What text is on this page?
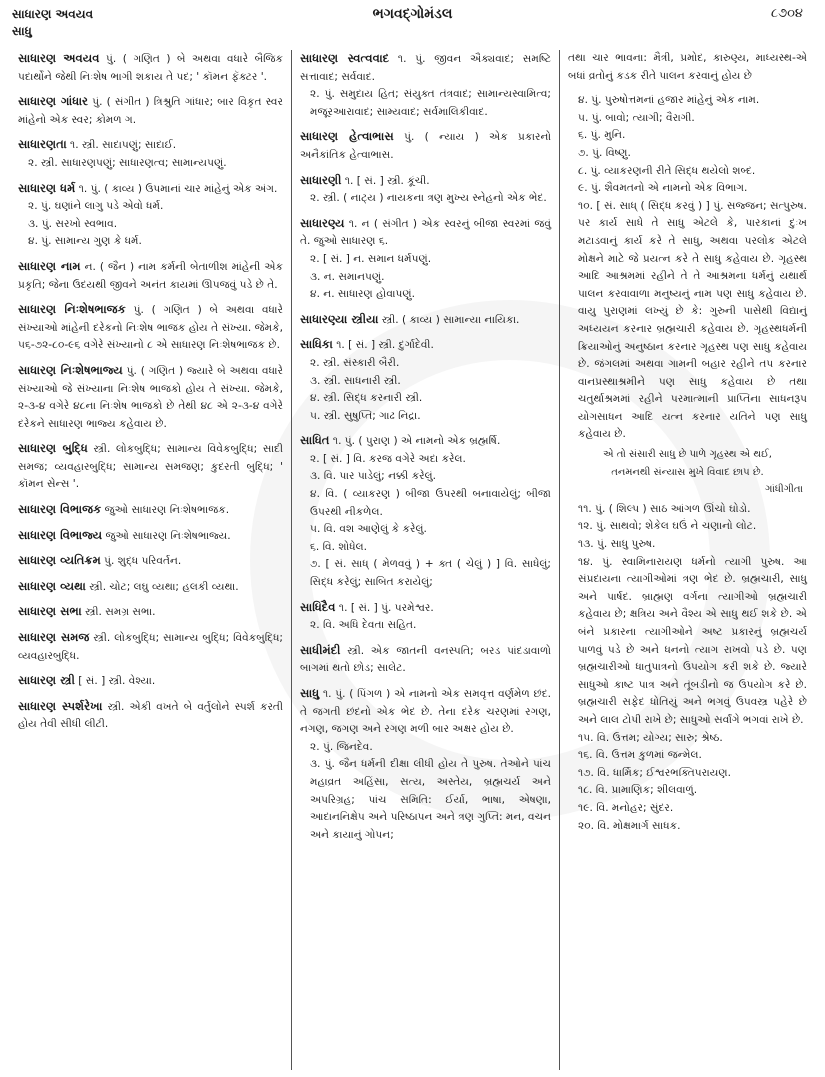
સાધારણ અવયવ
સાધુ
ભગવદ્ગોમંડલ	૮૭૦૪
સાધારણ અવયવ પું. ( ગણિત ) બે અથવા વધારે બૈજિક પદાર્થોને જેથી નિઃશેષ ભાગી શકાય તે પદ; ' કૉમન ફૅક્ટર '.
સાધારણ ગાંધાર પું. ( સંગીત ) ત્રિશ્રુતિ ગાંધાર; બાર વિકૃત સ્વર માંહેનો એક સ્વર; કોમળ ગ.
સાધારણતા ૧. સ્ત્રી. સાદાપણું; સાદાઈ.
૨. સ્ત્રી. સાધારણપણું; સાધારણત્વ; સામાન્યપણું.
સાધારણ ધર્મ ૧. પું. ( કાવ્ય ) ઉપમાનાં ચાર માંહેનું એક અંગ.
૨. પું. ઘણાંને લાગુ પડે એવો ધર્મ.
૩. પું. સરખો સ્વભાવ.
૪. પું. સામાન્ય ગુણ કે ધર્મ.
સાધારણ નામ ન. ( જૈન ) નામ કર્મની બેતાળીશ માંહેની એક પ્રકૃતિ; જેના ઉદયથી જીવને અનંત કાયમાં ઊપજવું પડે છે તે.
સાધારણ નિઃશેષભાજક પું. ( ગણિત ) બે અથવા વધારે સંખ્યાઓ માંહેની દરેકનો નિઃશેષ ભાજક હોય તે સંખ્યા. જેમકે, ૫૬-૭૨-૮૦-૯૬ વગેરે સંખ્યાનો ૮ એ સાધારણ નિઃશેષભાજક છે.
સાધારણ નિઃશેષભાજ્ય પું. ( ગણિત ) જ્યારે બે અથવા વધારે સંખ્યાઓ જે સંખ્યાના નિઃશેષ ભાજકો હોય તે સંખ્યા. જેમકે, ૨-૩-૪ વગેરે ૪૮ના નિઃશેષ ભાજકો છે તેથી ૪૮ એ ૨-૩-૪ વગેરે દરેકને સાધારણ ભાજ્ય કહેવાય છે.
સાધારણ બુદ્ધિ સ્ત્રી. લોકબુદ્ધિ; સામાન્ય વિવેકબુદ્ધિ; સાદી સમજ; વ્યવહારબુદ્ધિ; સામાન્ય સમજણ; કુદરતી બુદ્ધિ; ' કૉમન સેન્સ '.
સાધારણ વિભાજક જુઓ સાધારણ નિઃશેષભાજક.
સાધારણ વિભાજ્ય જુઓ સાધારણ નિઃશેષભાજ્ય.
સાધારણ વ્યતિક્રમ પું. શુદ્ધ પરિવર્તન.
સાધારણ વ્યથા સ્ત્રી. ચોટ; લઘુ વ્યથા; હલકી વ્યથા.
સાધારણ સભા સ્ત્રી. સમગ્ર સભા.
સાધારણ સમજ સ્ત્રી. લોકબુદ્ધિ; સામાન્ય બુદ્ધિ; વિવેકબુદ્ધિ; વ્યવહારબુદ્ધિ.
સાધારણ સ્ત્રી [ સં. ] સ્ત્રી. વેશ્યા.
સાધારણ સ્પર્શરેખા સ્ત્રી. એકી વખતે બે વર્તુલોને સ્પર્શ કરતી હોય તેવી સીધી લીટી.
સાધારણ સ્વત્વવાદ ૧. પું. જીવન ઐક્યવાદ; સમષ્ટિ સત્તાવાદ; સર્વવાદ.
૨. પું. સમુદાય હિત; સંયુક્ત તંત્રવાદ; સામાન્યસ્વામિત્વ; મજૂરઆરાવાદ; સામ્યવાદ; સર્વમાલિકીવાદ.
સાધારણ હેત્વાભાસ પું. ( ન્યાય ) એક પ્રકારનો અનૈકાંતિક હેત્વાભાસ.
સાધારણી ૧. [ સં. ] સ્ત્રી. કૂંચી.
૨. સ્ત્રી. ( નાટ્ય ) નાયકના ત્રણ મુખ્ય સ્નેહનો એક ભેદ.
સાધારણ્ય ૧. ન ( સંગીત ) એક સ્વરનું બીજા સ્વરમાં જવું તે. જુઓ સાધારણ ૬.
૨. [ સં. ] ન. સમાન ધર્મપણું.
૩. ન. સમાનપણું.
૪. ન. સાધારણ હોવાપણું.
સાધારણ્યા સ્ત્રીયા સ્ત્રી. ( કાવ્ય ) સામાન્યા નાયિકા.
સાધિકા ૧. [ સં. ] સ્ત્રી. દુર્ગાદેવી.
૨. સ્ત્રી. સંસ્કારી બૈરી.
૩. સ્ત્રી. સાધનારી સ્ત્રી.
૪. સ્ત્રી. સિદ્ધ કરનારી સ્ત્રી.
૫. સ્ત્રી. સુષુપ્તિ; ગાઢ નિદ્રા.
સાધિત ૧. પું. ( પુરાણ ) એ નામનો એક બ્રહ્મર્ષિ.
૨. [ સં. ] વિ. કરજ વગેરે અદા કરેલ.
૩. વિ. પાર પાડેલું; નક્કી કરેલું.
૪. વિ. ( વ્યાકરણ ) બીજા ઉપરથી બનાવાયેલું; બીજા ઉપરથી નીકળેલ.
૫. વિ. વશ આણેલું કે કરેલું.
૬. વિ. શોધેલ.
૭. [ સં. સાધ્ ( મેળવવું ) + ક્ત ( ચેલું ) ] વિ. સાધેલું; સિદ્ધ કરેલું; સાબિત કરાયેલું;
સાધિદૈવ ૧. [ સં. ] પું. પરમેશ્વર.
૨. વિ. અધિ દેવતા સહિત.
સાધીમંદી સ્ત્રી. એક જાતની વનસ્પતિ; બરડ પાંદડાવાળો બાગમાં થતો છોડ; સાલેટ.
સાધુ ૧. પું. ( પિંગળ ) એ નામનો એક સમવૃત્ત વર્ણમેળ છંદ. તે જગતી છંદનો એક ભેદ છે. તેના દરેક ચરણમાં રગણ, નગણ, જગણ અને રગણ મળી બાર અક્ષર હોય છે.
૨. પું. જિનદેવ.
૩. પું. જૈન ધર્મની દીક્ષા લીધી હોય તે પુરુષ. તેઓને પાંચ મહાવ્રત અહિંસા, સત્ય, અસ્તેય, બ્રહ્મચર્ય અને અપરિગ્રહ; પાંચ સમિતિ: ઈર્યા, ભાષા, એષણા, આદાનનિક્ષેપ અને પરિષ્ઠાપન અને ત્રણ ગુપ્તિ: મન, વચન અને કાયાનું ગોપન;
તથા ચાર ભાવના: મૈત્રી, પ્રમોદ, કારુણ્ય, માધ્યસ્થ-એ બધાં વ્રતોનું કડક રીતે પાલન કરવાનું હોય છે
૪. પું. પુરુષોત્તમનાં હજાર માંહેનું એક નામ.
૫. પું. બાવો; ત્યાગી; વૈરાગી.
૬. પું. મુનિ.
૭. પું. વિષ્ણુ.
૮. પું. વ્યાકરણની રીતે સિદ્ધ થયેલો શબ્દ.
૯. પું. શૈવમતનો એ નામનો એક વિભાગ.
૧૦. [ સં. સાધ્ ( સિદ્ધ કરવું ) ] પું. સજ્જન; સત્પુરુષ. પર કાર્ય સાધે તે સાધુ એટલે કે, પારકાનાં દુઃખ મટાડવાનું કાર્ય કરે તે સાધુ, અથવા પરલોક એટલે મોક્ષને માટે જે પ્રયત્ન કરે તે સાધુ કહેવાય છે. ગૃહસ્થ આદિ આશ્રમમાં રહીને તે તે આશ્રમના ધર્મનું યથાર્થ પાલન કરવાવાળા મનુષ્યનું નામ પણ સાધુ કહેવાય છે. વાયુ પુરાણમાં લખ્યું છે કે: ગુરુની પાસેથી વિદ્યાનું અધ્યયન કરનાર બ્રહ્મચારી કહેવાય છે. ગૃહસ્થધર્મની ક્રિયાઓનું અનુષ્ઠાન કરનાર ગૃહસ્થ પણ સાધુ કહેવાય છે. જંગલમાં અથવા ગામની બહાર રહીને તપ કરનાર વાનપ્રસ્થાશ્રમીને પણ સાધુ કહેવાય છે તથા ચતુર્થાશ્રમમાં રહીને પરમાત્માની પ્રાપ્તિના સાધનરૂપ યોગસાધન આદિ યત્ન કરનાર યતિને પણ સાધુ કહેવાય છે.
એ તો સંસારી સાધુ છે પાળે ગૃહસ્થ એ થઈ,
તનમનથી સંન્યાસ મુખે વિવાદ છાપ છે.
ગાંધીગીતા
૧૧. પું. ( શિલ્પ ) સાઠ આંગળ ઊંચો ઘોડો.
૧૨. પું. સાથવો; શેકેલ ઘઉં ને ચણાનો લોટ.
૧૩. પું. સાધુ પુરુષ.
૧૪. પું. સ્વામિનારાયણ ધર્મનો ત્યાગી પુરુષ. આ સંપ્રદાયના ત્યાગીઓમાં ત્રણ ભેદ છે. બ્રહ્મચારી, સાધુ અને પાર્ષદ. બ્રાહ્મણ વર્ગના ત્યાગીઓ બ્રહ્મચારી કહેવાય છે; ક્ષત્રિય અને વૈશ્ય એ સાધુ થઈ શકે છે. એ બંને પ્રકારના ત્યાગીઓને અષ્ટ પ્રકારનું બ્રહ્મચર્ય પાળવું પડે છે અને ધનનો ત્યાગ રાખવો પડે છે. પણ બ્રહ્મચારીઓ ધાતુપાત્રનો ઉપયોગ કરી શકે છે. જ્યારે સાધુઓ કાષ્ટ પાત્ર અને તૂંબડીનો જ ઉપયોગ કરે છે. બ્રહ્મચારી સફેદ ધોતિયું અને ભગવું ઉપવસ્ત્ર પહેરે છે અને લાલ ટોપી રાખે છે; સાધુઓ સર્વાંગે ભગવાં રાખે છે.
૧૫. વિ. ઉત્તમ; યોગ્ય; સારુ; શ્રેષ્ઠ.
૧૬. વિ. ઉત્તમ કુળમાં જન્મેલ.
૧૭. વિ. ધાર્મિક; ઈશ્વરભક્તિપરાયણ.
૧૮. વિ. પ્રામાણિક; શીલવાળું.
૧૯. વિ. મનોહર; સુંદર.
૨૦. વિ. મોક્ષમાર્ગ સાધક.
